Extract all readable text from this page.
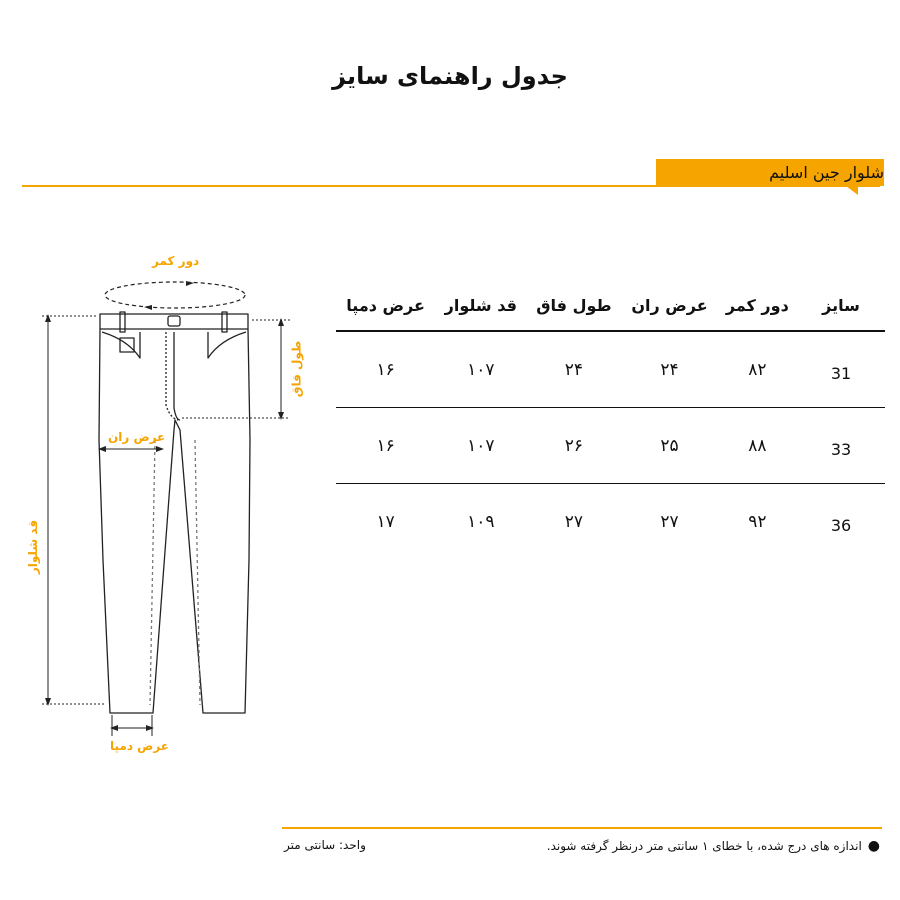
جدول راهنمای سایز
شلوار جین اسلیم
دور کمر
طول فاق
عرض ران
قد شلوار
عرض دمپا
سایز	دور کمر	عرض ران	طول فاق	قد شلوار	عرض دمپا
31	۸۲	۲۴	۲۴	۱۰۷	۱۶
33	۸۸	۲۵	۲۶	۱۰۷	۱۶
36	۹۲	۲۷	۲۷	۱۰۹	۱۷
●اندازه های درج شده، با خطای ۱ سانتی متر درنظر گرفته شوند.
واحد: سانتی متر
